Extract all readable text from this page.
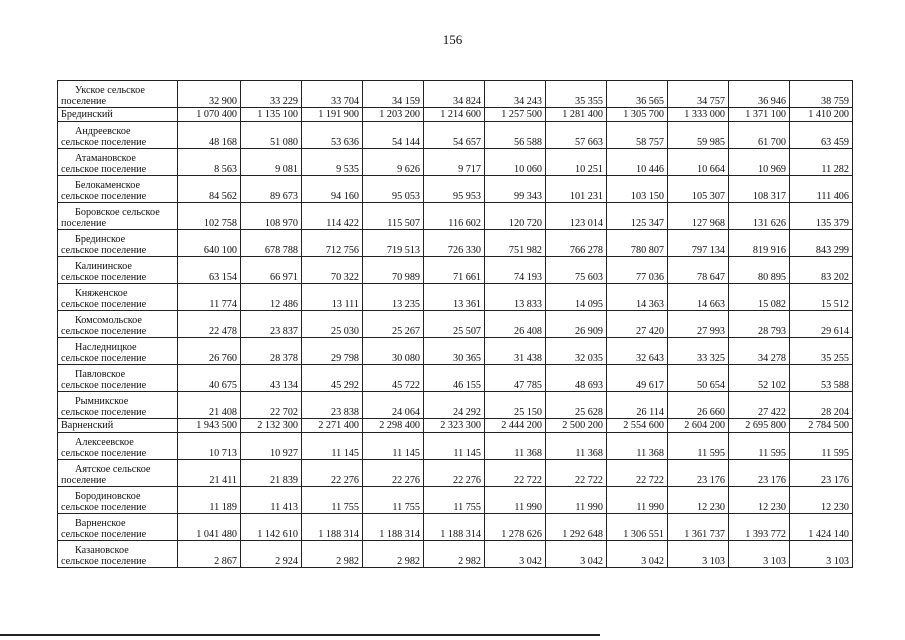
156
Укское сельское
поселение	32 900	33 229	33 704	34 159	34 824	34 243	35 355	36 565	34 757	36 946	38 759
Брединский	1 070 400	1 135 100	1 191 900	1 203 200	1 214 600	1 257 500	1 281 400	1 305 700	1 333 000	1 371 100	1 410 200

Андреевское
сельское поселение	48 168	51 080	53 636	54 144	54 657	56 588	57 663	58 757	59 985	61 700	63 459

Атамановское
сельское поселение	8 563	9 081	9 535	9 626	9 717	10 060	10 251	10 446	10 664	10 969	11 282

Белокаменское
сельское поселение	84 562	89 673	94 160	95 053	95 953	99 343	101 231	103 150	105 307	108 317	111 406

Боровское сельское
поселение	102 758	108 970	114 422	115 507	116 602	120 720	123 014	125 347	127 968	131 626	135 379

Брединское
сельское поселение	640 100	678 788	712 756	719 513	726 330	751 982	766 278	780 807	797 134	819 916	843 299

Калининское
сельское поселение	63 154	66 971	70 322	70 989	71 661	74 193	75 603	77 036	78 647	80 895	83 202

Княженское
сельское поселение	11 774	12 486	13 111	13 235	13 361	13 833	14 095	14 363	14 663	15 082	15 512

Комсомольское
сельское поселение	22 478	23 837	25 030	25 267	25 507	26 408	26 909	27 420	27 993	28 793	29 614

Наследницкое
сельское поселение	26 760	28 378	29 798	30 080	30 365	31 438	32 035	32 643	33 325	34 278	35 255

Павловское
сельское поселение	40 675	43 134	45 292	45 722	46 155	47 785	48 693	49 617	50 654	52 102	53 588

Рымникское
сельское поселение	21 408	22 702	23 838	24 064	24 292	25 150	25 628	26 114	26 660	27 422	28 204
Варненский	1 943 500	2 132 300	2 271 400	2 298 400	2 323 300	2 444 200	2 500 200	2 554 600	2 604 200	2 695 800	2 784 500

Алексеевское
сельское поселение	10 713	10 927	11 145	11 145	11 145	11 368	11 368	11 368	11 595	11 595	11 595

Аятское сельское
поселение	21 411	21 839	22 276	22 276	22 276	22 722	22 722	22 722	23 176	23 176	23 176

Бородиновское
сельское поселение	11 189	11 413	11 755	11 755	11 755	11 990	11 990	11 990	12 230	12 230	12 230

Варненское
сельское поселение	1 041 480	1 142 610	1 188 314	1 188 314	1 188 314	1 278 626	1 292 648	1 306 551	1 361 737	1 393 772	1 424 140

Казановское
сельское поселение	2 867	2 924	2 982	2 982	2 982	3 042	3 042	3 042	3 103	3 103	3 103
